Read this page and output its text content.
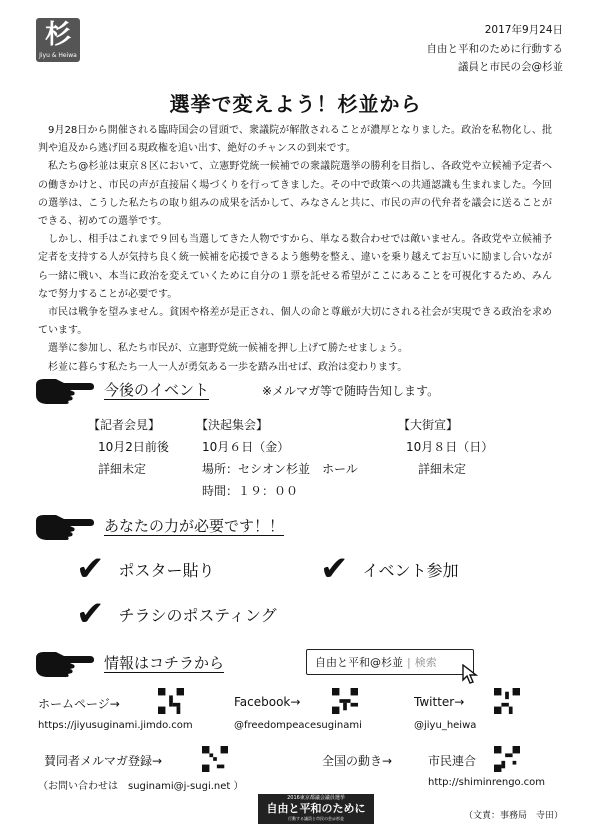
杉
Jiyu & Heiwa
2017年9月24日
自由と平和のために行動する
議員と市民の会@杉並
選挙で変えよう！杉並から

9月28日から開催される臨時国会の冒頭で、衆議院が解散されることが濃厚となりました。政治を私物化し、批判や追及から逃げ回る現政権を追い出す、絶好のチャンスの到来です。

私たち@杉並は東京８区において、立憲野党統一候補での衆議院選挙の勝利を目指し、各政党や立候補予定者への働きかけと、市民の声が直接届く場づくりを行ってきました。その中で政策への共通認識も生まれました。今回の選挙は、こうした私たちの取り組みの成果を活かして、みなさんと共に、市民の声の代弁者を議会に送ることができる、初めての選挙です。

しかし、相手はこれまで９回も当選してきた人物ですから、単なる数合わせでは敵いません。各政党や立候補予定者を支持する人が気持ち良く統一候補を応援できるよう態勢を整え、違いを乗り越えてお互いに励まし合いながら一緒に戦い、本当に政治を変えていくために自分の１票を託せる希望がここにあることを可視化するため、みんなで努力することが必要です。

市民は戦争を望みません。貧困や格差が是正され、個人の命と尊厳が大切にされる社会が実現できる政治を求めています。

選挙に参加し、私たち市民が、立憲野党統一候補を押し上げて勝たせましょう。

杉並に暮らす私たち一人一人が勇気ある一歩を踏み出せば、政治は変わります。

今後のイベント	※メルマガ等で随時告知します。
【記者会見】
10月2日前後
詳細未定
【決起集会】
10月６日（金）
場所：セシオン杉並　ホール
時間：１９：００
【大街宣】
10月８日（日）
詳細未定
あなたの力が必要です！！
✔ ポスター貼り	✔ イベント参加
✔ チラシのポスティング
情報はコチラから	自由と平和@杉並 | 検索
ホームページ→
https://jiyusuginami.jimdo.com
Facebook→
@freedompeacesuginami
Twitter→
@jiyu_heiwa
賛同者メルマガ登録→
（お問い合わせは　suginami@j-sugi.net ）
全国の動き→	市民連合
http://shiminrengo.com
2016東京都議会議員選挙
自由と平和のために
行動する議員と市民の会＠杉並	（文責：事務局　寺田）
